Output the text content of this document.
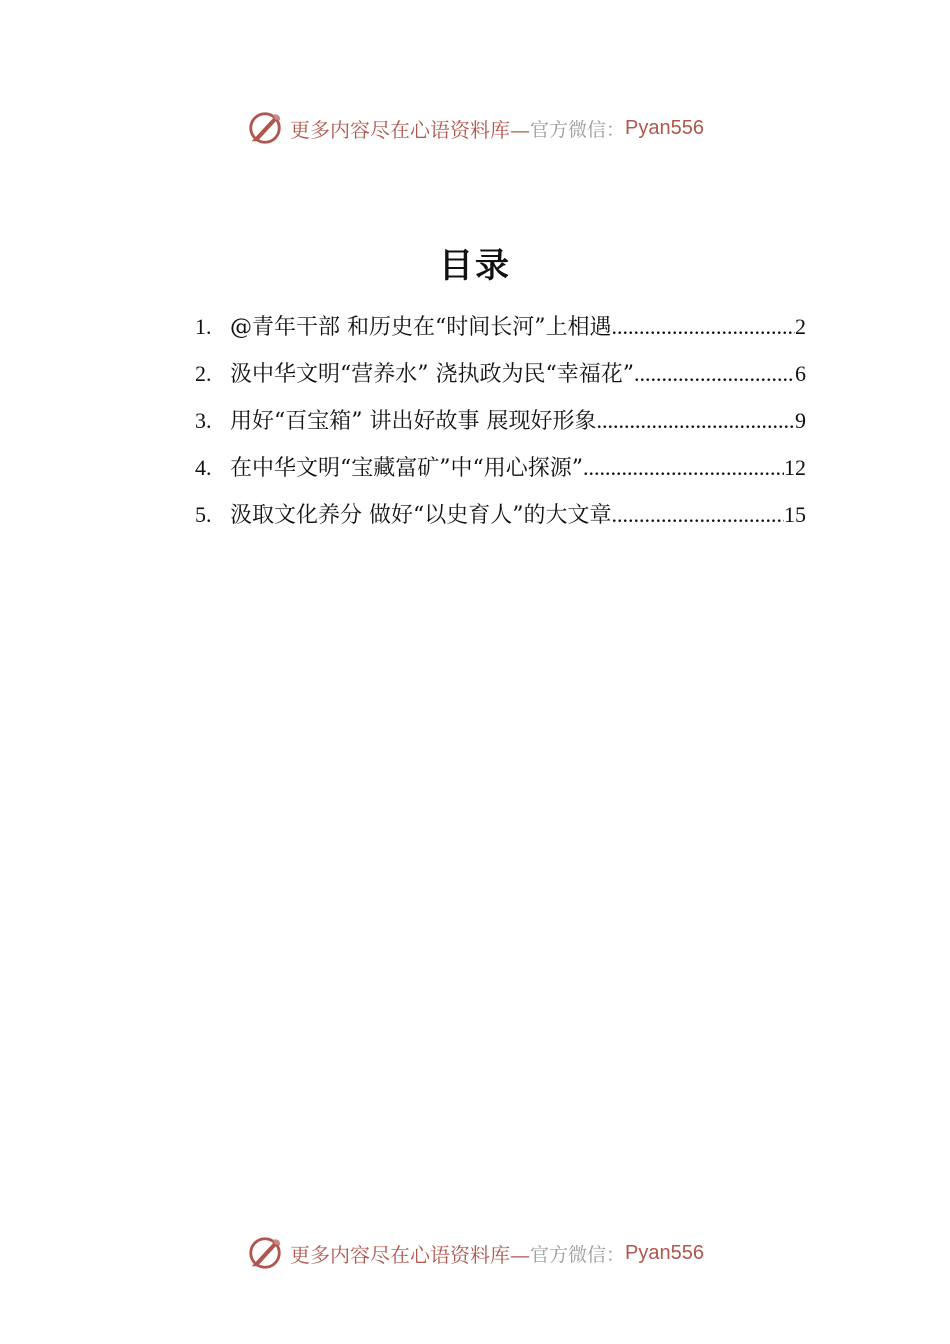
更多内容尽在心语资料库— 官方微信： Pyan556
目录
1. @青年干部 和历史在“时间长河”上相遇 .....	2
2. 汲中华文明“营养水” 浇执政为民“幸福花” .....	6
3. 用好“百宝箱” 讲出好故事 展现好形象 .....	9
4. 在中华文明“宝藏富矿”中“用心探源” .....	12
5. 汲取文化养分 做好“以史育人”的大文章 .....	15
更多内容尽在心语资料库— 官方微信： Pyan556
